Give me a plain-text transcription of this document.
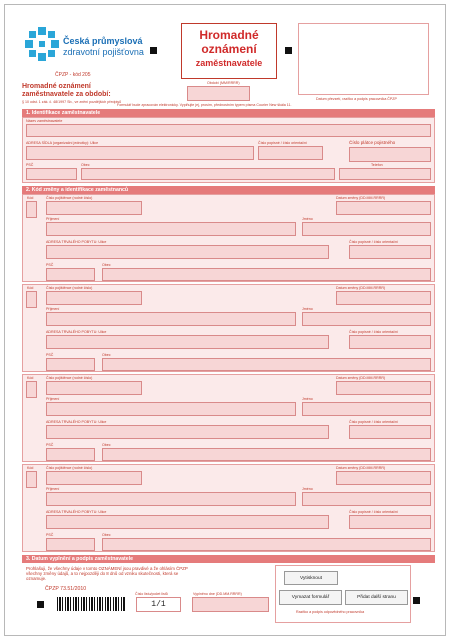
Česká průmyslová
zdravotní pojišťovna
Hromadné
oznámení
zaměstnavatele
Datum převzetí, razítko a podpis pracovníka ČPZP
ČPZP - kód 205
Hromadné oznámení
zaměstnavatele za období:
§ 10 odst. 1 zák. č. 48/1997 Sb., ve znění pozdějších předpisů
Období (MM/RRRR)
Formulář bude zpracován elektronicky. Vyplňujte jej, prosím, přednostním typem písma Courier New škála 11.
1. Identifikace zaměstnavatele
Název zaměstnavatele
ADRESA SÍDLA (organizační jednotky): Ulice	Číslo popisné / číslo orientační	Číslo plátce pojistného
PSČ	Obec	Telefon
2. Kód změny a identifikace zaměstnanců
Kód	Číslo pojištěnce (rodné číslo)	Datum změny (DD.MM.RRRR)
Příjmení	Jméno
ADRESA TRVALÉHO POBYTU: Ulice	Číslo popisné / číslo orientační
PSČ	Obec
Kód	Číslo pojištěnce (rodné číslo)	Datum změny (DD.MM.RRRR)
Příjmení	Jméno
ADRESA TRVALÉHO POBYTU: Ulice	Číslo popisné / číslo orientační
PSČ	Obec
Kód	Číslo pojištěnce (rodné číslo)	Datum změny (DD.MM.RRRR)
Příjmení	Jméno
ADRESA TRVALÉHO POBYTU: Ulice	Číslo popisné / číslo orientační
PSČ	Obec
Kód	Číslo pojištěnce (rodné číslo)	Datum změny (DD.MM.RRRR)
Příjmení	Jméno
ADRESA TRVALÉHO POBYTU: Ulice	Číslo popisné / číslo orientační
PSČ	Obec
3. Datum vyplnění a podpis zaměstnavatele
Prohlašuji, že všechny údaje v tomto OZNÁMENÍ jsou pravdivé a že ohlásím ČPZP
všechny změny údajů, a to nejpozději do 8 dnů od vzniku skutečnosti, která se
oznamuje.	Vytisknout
Vymazat formulář	Přidat další stranu
Razítko a podpis odpovědného pracovníka
ČPZP 73.51/2010
Číslo listu/počet listů	Vyplněno dne (DD.MM.RRRR)
1/1
